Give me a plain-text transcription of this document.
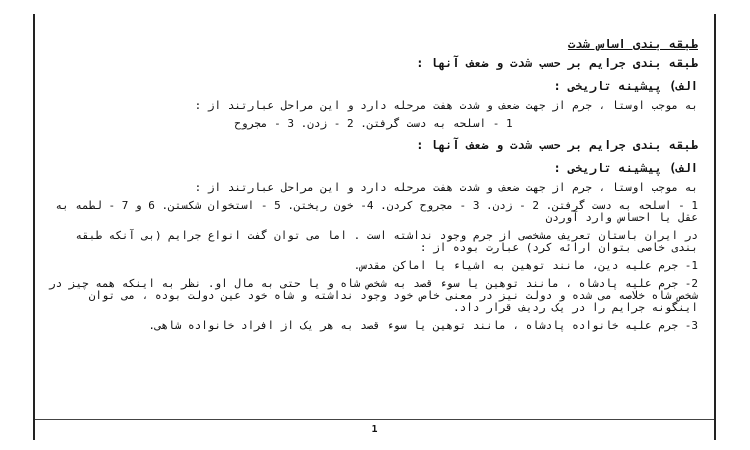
طبقه بندی اساس شدت
طبقه بندی جرایم بر حسب شدت و ضعف آنها :
الف) پیشینه تاریخی :

به موجب اوستا ، جرم از جهت ضعف و شدت هفت مرحله دارد و این مراحل عبارتند از :

1 - اسلحه به دست گرفتن. 2 - زدن. 3 - مجروح

طبقه بندی جرایم بر حسب شدت و ضعف آنها :
الف) پیشینه تاریخی :

به موجب اوستا ، جرم از جهت ضعف و شدت هفت مرحله دارد و این مراحل عبارتند از :

1 - اسلحه به دست گرفتن. 2 - زدن. 3 - مجروح کردن. 4- خون ریختن. 5 - استخوان شکستن. 6 و 7 - لطمه به عقل یا احساس وارد آوردن

در ایران باستان تعریف مشخصی از جرم وجود نداشته است . اما می توان گفت انواع جرایم (بی آنکه طبقه بندی خاصی بتوان ارائه کرد) عبارت بوده از :

1- جرم علیه دین، مانند توهین به اشیاء یا اماکن مقدس.

2- جرم علیه پادشاه ، مانند توهین یا سوء قصد به شخص شاه و یا حتی به مال او. نظر به اینکه همه چیز در شخص شاه خلاصه می شده و دولت نیز در معنی خاص خود وجود نداشته و شاه خود عین دولت بوده ، می توان اینگونه جرایم را در یک ردیف قرار داد.

3- جرم علیه خانواده پادشاه ، مانند توهین یا سوء قصد به هر یک از افراد خانواده شاهی.

1
